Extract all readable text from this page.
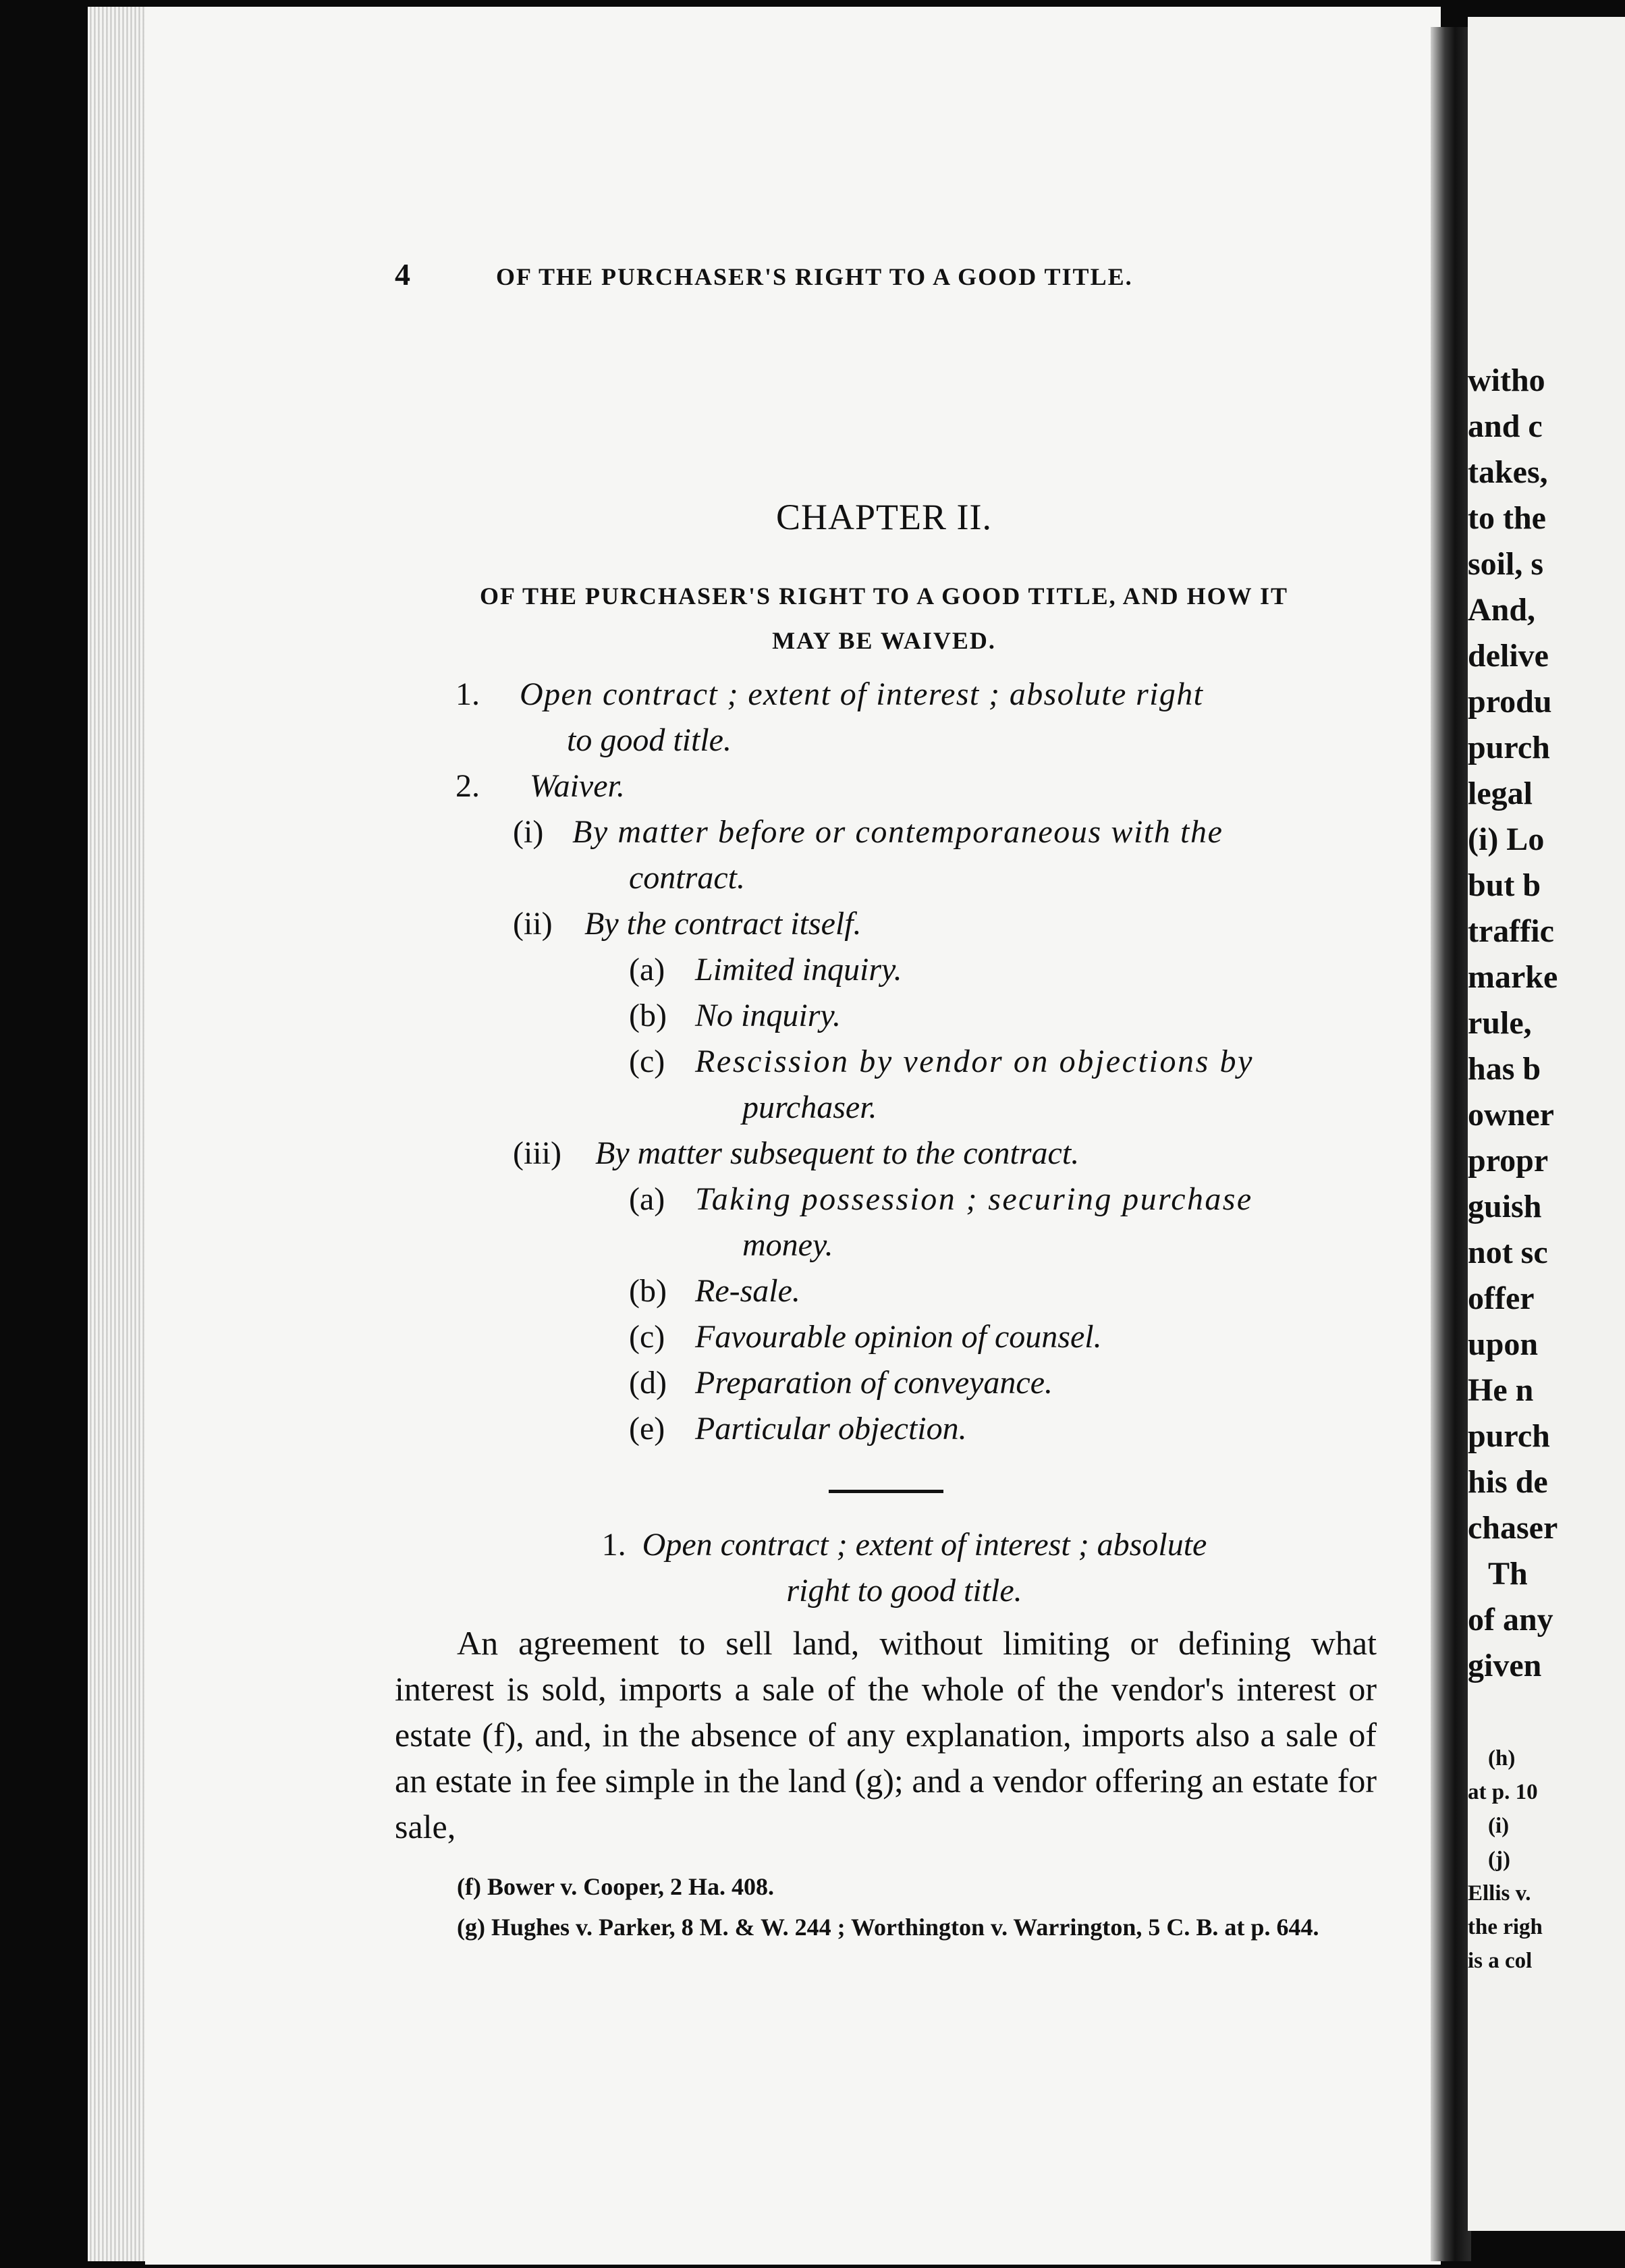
4	OF THE PURCHASER'S RIGHT TO A GOOD TITLE.
CHAPTER II.
OF THE PURCHASER'S RIGHT TO A GOOD TITLE, AND HOW IT
MAY BE WAIVED.
1. Open contract ; extent of interest ; absolute right
to good title.
2. Waiver.
(i) By matter before or contemporaneous with the
contract.
(ii) By the contract itself.
(a) Limited inquiry.
(b) No inquiry.
(c) Rescission by vendor on objections by
purchaser.
(iii) By matter subsequent to the contract.
(a) Taking possession ; securing purchase
money.
(b) Re-sale.
(c) Favourable opinion of counsel.
(d) Preparation of conveyance.
(e) Particular objection.
1. Open contract ; extent of interest ; absolute
right to good title.

An agreement to sell land, without limiting or defining what interest is sold, imports a sale of the whole of the vendor's interest or estate (f), and, in the absence of any explanation, imports also a sale of an estate in fee simple in the land (g); and a vendor offering an estate for sale,

(f) Bower v. Cooper, 2 Ha. 408.

(g) Hughes v. Parker, 8 M. & W. 244 ; Worthington v. Warrington, 5 C. B. at p. 644.

witho
and c
takes,
to the
soil, s
And,
delive
produ
purch
legal
(i) Lo
but b
traffic
marke
rule,
has b
owner
propr
guish
not sc
offer
upon
He n
purch
his de
chaser
Th
of any
given
(h)
at p. 10
(i)
(j)
Ellis v.
the righ
is a col
